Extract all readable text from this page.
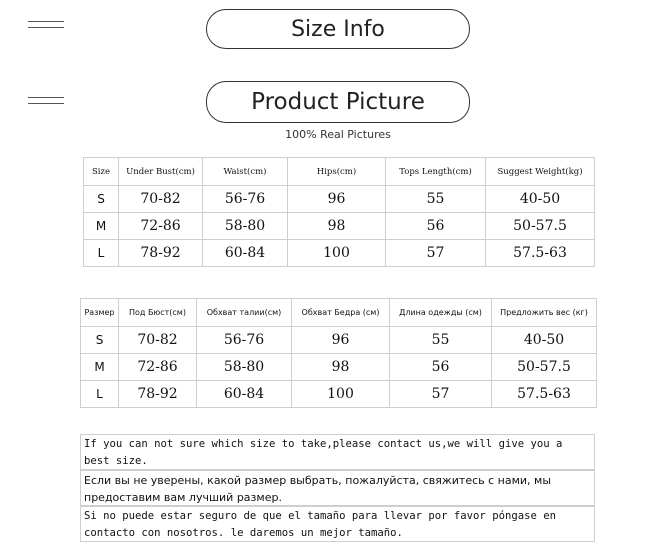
Size Info
Product Picture
100% Real Pictures
Size	Under Bust(cm)	Waist(cm)	Hips(cm)	Tops Length(cm)	Suggest Weight(kg)
S	70-82	56-76	96	55	40-50
M	72-86	58-80	98	56	50-57.5
L	78-92	60-84	100	57	57.5-63
Размер	Под Бюст(см)	Обхват талии(см)	Обхват Бедра (см)	Длина одежды (см)	Предложить вес (кг)
S	70-82	56-76	96	55	40-50
M	72-86	58-80	98	56	50-57.5
L	78-92	60-84	100	57	57.5-63
If you can not sure which size to take,please contact us,we will give you a best size.
Если вы не уверены, какой размер выбрать, пожалуйста, свяжитесь с нами, мы предоставим вам лучший размер.
Si no puede estar seguro de que el tamaño para llevar por favor póngase en contacto con nosotros. le daremos un mejor tamaño.
